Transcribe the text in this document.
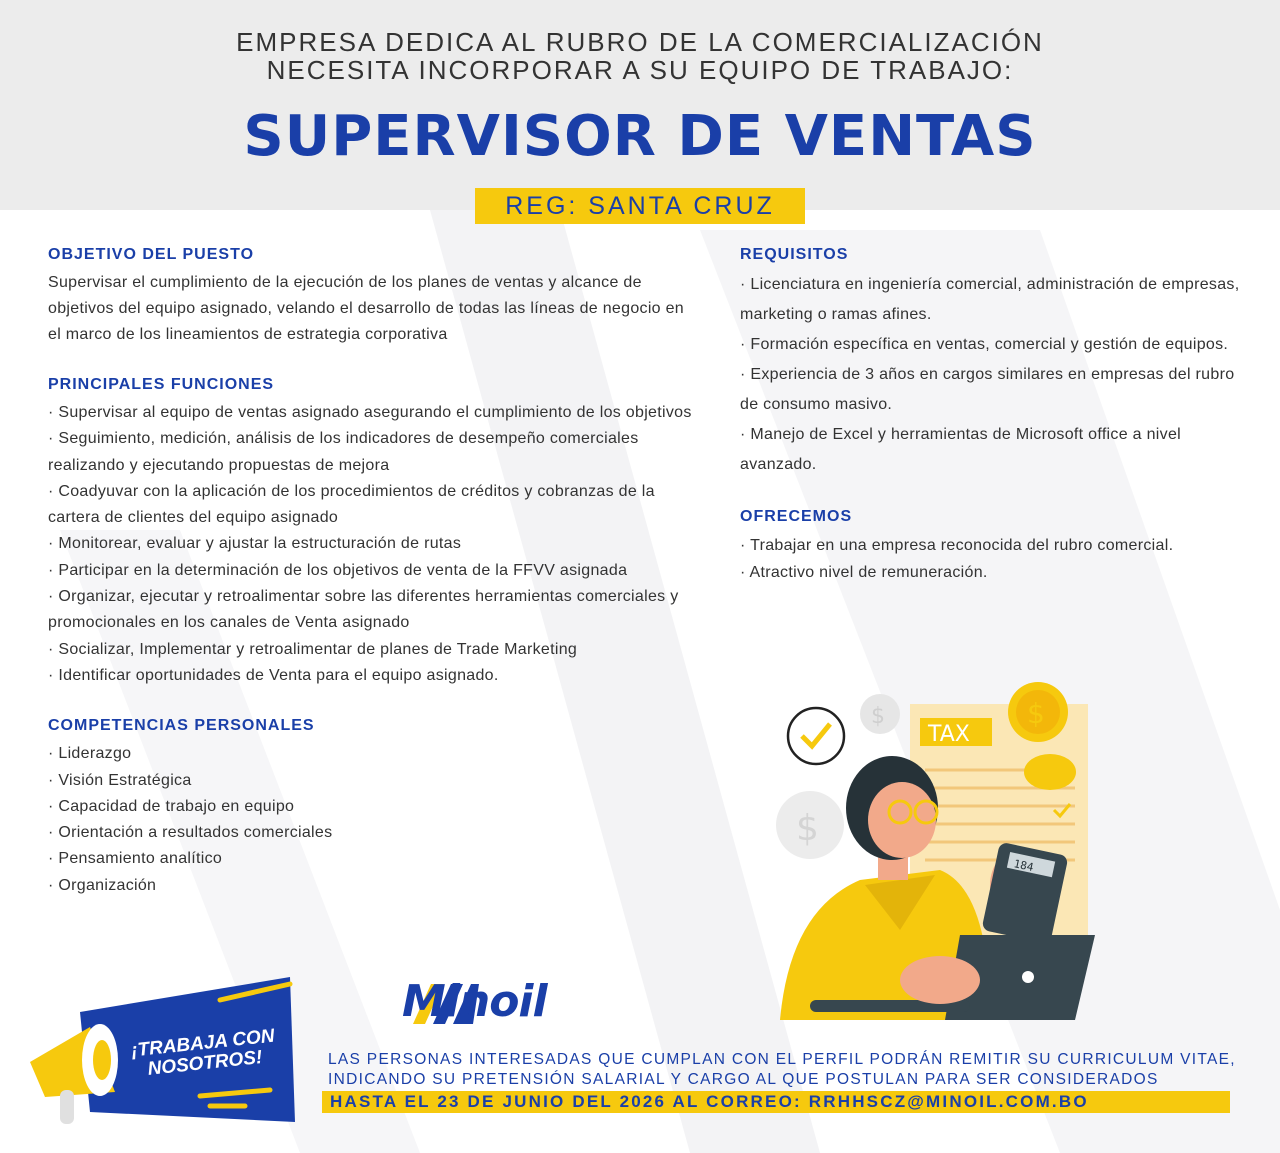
EMPRESA DEDICA AL RUBRO DE LA COMERCIALIZACIÓN
NECESITA INCORPORAR A SU EQUIPO DE TRABAJO:
SUPERVISOR DE VENTAS
REG: SANTA CRUZ
OBJETIVO DEL PUESTO

Supervisar el cumplimiento de la ejecución de los planes de ventas y alcance de objetivos del equipo asignado, velando el desarrollo de todas las líneas de negocio en el marco de los lineamientos de estrategia corporativa

PRINCIPALES FUNCIONES
· Supervisar al equipo de ventas asignado asegurando el cumplimiento de los objetivos
· Seguimiento, medición, análisis de los indicadores de desempeño comerciales realizando y ejecutando propuestas de mejora
· Coadyuvar con la aplicación de los procedimientos de créditos y cobranzas de la cartera de clientes del equipo asignado
· Monitorear, evaluar y ajustar la estructuración de rutas
· Participar en la determinación de los objetivos de venta de la FFVV asignada
· Organizar, ejecutar y retroalimentar sobre las diferentes herramientas comerciales y promocionales en los canales de Venta asignado
· Socializar, Implementar y retroalimentar de planes de Trade Marketing
· Identificar oportunidades de Venta para el equipo asignado.
COMPETENCIAS PERSONALES
· Liderazgo
· Visión Estratégica
· Capacidad de trabajo en equipo
· Orientación a resultados comerciales
· Pensamiento analítico
· Organización
REQUISITOS
· Licenciatura en ingeniería comercial, administración de empresas, marketing o ramas afines.
· Formación específica en ventas, comercial y gestión de equipos.
· Experiencia de 3 años en cargos similares en empresas del rubro de consumo masivo.
· Manejo de Excel y herramientas de Microsoft office a nivel avanzado.
OFRECEMOS
· Trabajar en una empresa reconocida del rubro comercial.
· Atractivo nivel de remuneración.
TAX
$
$
$
184
¡TRABAJA CON NOSOTROS!
Minoil
LAS PERSONAS INTERESADAS QUE CUMPLAN CON EL PERFIL PODRÁN REMITIR SU CURRICULUM VITAE,
INDICANDO SU PRETENSIÓN SALARIAL Y CARGO AL QUE POSTULAN PARA SER CONSIDERADOS
HASTA EL 23 DE JUNIO DEL 2026 AL CORREO: RRHHSCZ@MINOIL.COM.BO
